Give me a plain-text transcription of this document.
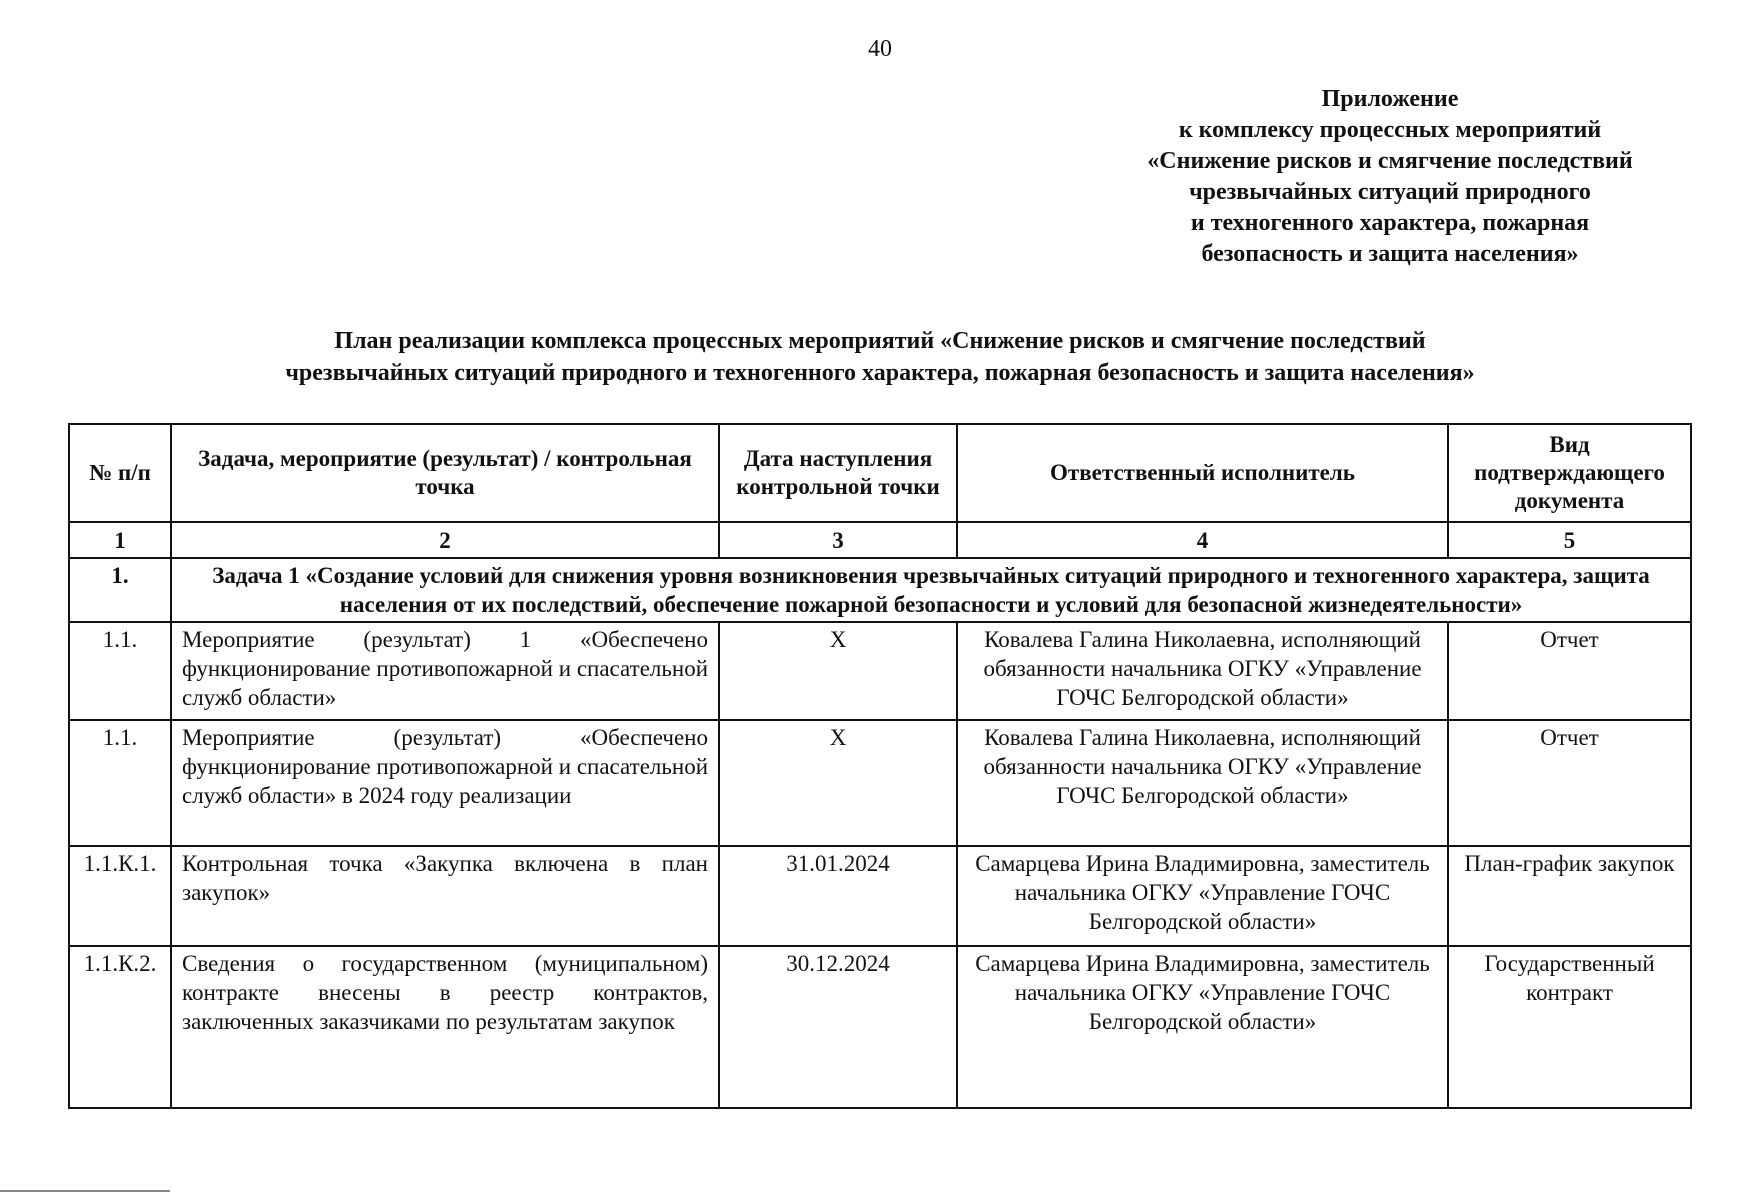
40
Приложение
к комплексу процессных мероприятий
«Снижение рисков и смягчение последствий
чрезвычайных ситуаций природного
и техногенного характера, пожарная
безопасность и защита населения»
План реализации комплекса процессных мероприятий «Снижение рисков и смягчение последствий
чрезвычайных ситуаций природного и техногенного характера, пожарная безопасность и защита населения»
№ п/п	Задача, мероприятие (результат) / контрольная точка	Дата наступления контрольной точки	Ответственный исполнитель	Вид подтверждающего документа
1	2	3	4	5
1.	Задача 1 «Создание условий для снижения уровня возникновения чрезвычайных ситуаций природного и техногенного характера, защита населения от их последствий, обеспечение пожарной безопасности и условий для безопасной жизнедеятельности»			
1.1.	Мероприятие (результат) 1 «Обеспечено функционирование противопожарной и спасательной служб области»	X	Ковалева Галина Николаевна, исполняющий обязанности начальника ОГКУ «Управление ГОЧС Белгородской области»	Отчет
1.1.	Мероприятие (результат) «Обеспечено функционирование противопожарной и спасательной служб области» в 2024 году реализации	X	Ковалева Галина Николаевна, исполняющий обязанности начальника ОГКУ «Управление ГОЧС Белгородской области»	Отчет
1.1.К.1.	Контрольная точка «Закупка включена в план закупок»	31.01.2024	Самарцева Ирина Владимировна, заместитель начальника ОГКУ «Управление ГОЧС Белгородской области»	План-график закупок
1.1.К.2.	Сведения о государственном (муниципальном) контракте внесены в реестр контрактов, заключенных заказчиками по результатам закупок	30.12.2024	Самарцева Ирина Владимировна, заместитель начальника ОГКУ «Управление ГОЧС Белгородской области»	Государственный контракт
